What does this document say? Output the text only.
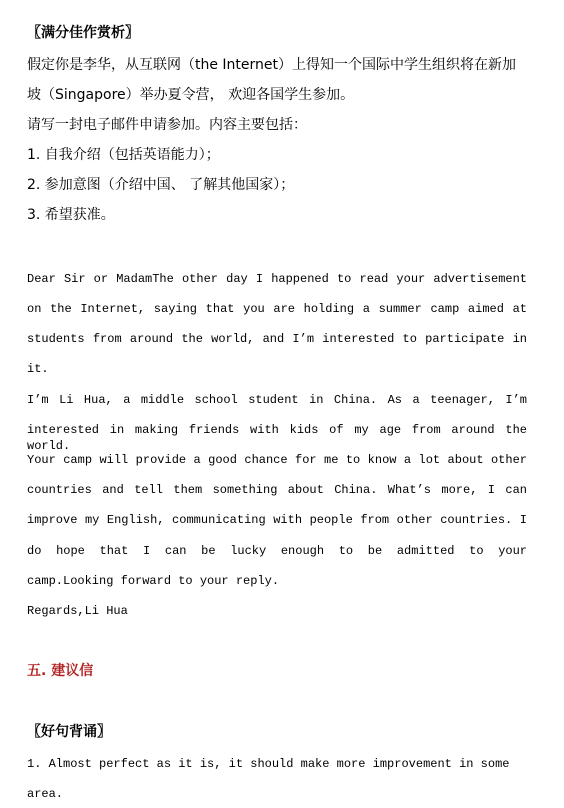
〖满分佳作赏析〗
假定你是李华，从互联网（the Internet）上得知一个国际中学生组织将在新加
坡（Singapore）举办夏令营， 欢迎各国学生参加。
请写一封电子邮件申请参加。内容主要包括：
1. 自我介绍（包括英语能力）；
2. 参加意图（介绍中国、 了解其他国家）；
3. 希望获准。
Dear Sir or MadamThe other day I happened to read your advertisement
on the Internet, saying that you are holding a summer camp aimed at
students from around the world, and I’m interested to participate in
it.
I’m Li Hua, a middle school student in China. As a teenager, I’m
interested in making friends with kids of my age from around the world.
Your camp will provide a good chance for me to know a lot about other
countries and tell them something about China. What’s more, I can
improve my English, communicating with people from other countries. I
do hope that I can be lucky enough to be admitted to your
camp.Looking forward to your reply.
Regards,Li Hua
五. 建议信
〖好句背诵〗
1. Almost perfect as it is, it should make more improvement in some
area.
